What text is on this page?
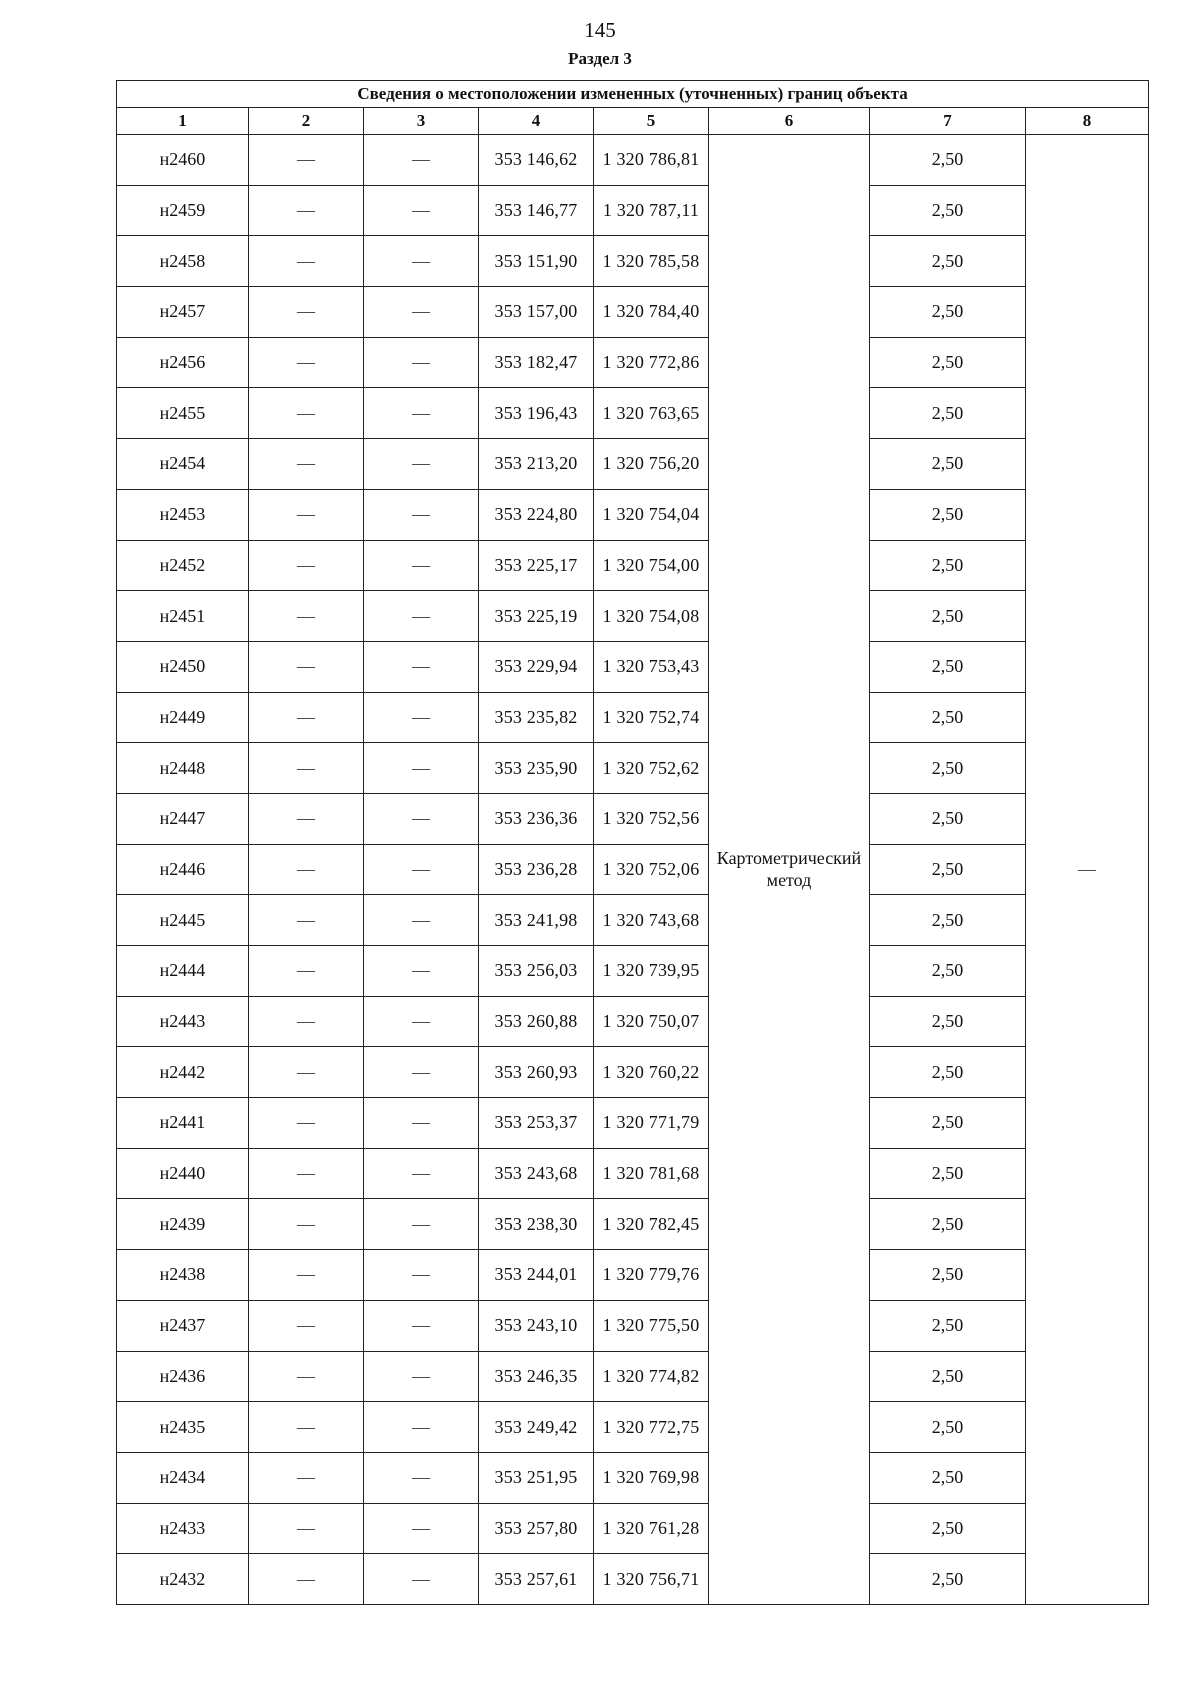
145
Раздел 3
Сведения о местоположении измененных (уточненных) границ объекта							
1	2	3	4	5	6	7	8
н2460	—	—	353 146,62	1 320 786,81	Картометрический метод	2,50	—
н2459	—	—	353 146,77	1 320 787,11		2,50	
н2458	—	—	353 151,90	1 320 785,58		2,50	
н2457	—	—	353 157,00	1 320 784,40		2,50	
н2456	—	—	353 182,47	1 320 772,86		2,50	
н2455	—	—	353 196,43	1 320 763,65		2,50	
н2454	—	—	353 213,20	1 320 756,20		2,50	
н2453	—	—	353 224,80	1 320 754,04		2,50	
н2452	—	—	353 225,17	1 320 754,00		2,50	
н2451	—	—	353 225,19	1 320 754,08		2,50	
н2450	—	—	353 229,94	1 320 753,43		2,50	
н2449	—	—	353 235,82	1 320 752,74		2,50	
н2448	—	—	353 235,90	1 320 752,62		2,50	
н2447	—	—	353 236,36	1 320 752,56		2,50	
н2446	—	—	353 236,28	1 320 752,06		2,50	
н2445	—	—	353 241,98	1 320 743,68		2,50	
н2444	—	—	353 256,03	1 320 739,95		2,50	
н2443	—	—	353 260,88	1 320 750,07		2,50	
н2442	—	—	353 260,93	1 320 760,22		2,50	
н2441	—	—	353 253,37	1 320 771,79		2,50	
н2440	—	—	353 243,68	1 320 781,68		2,50	
н2439	—	—	353 238,30	1 320 782,45		2,50	
н2438	—	—	353 244,01	1 320 779,76		2,50	
н2437	—	—	353 243,10	1 320 775,50		2,50	
н2436	—	—	353 246,35	1 320 774,82		2,50	
н2435	—	—	353 249,42	1 320 772,75		2,50	
н2434	—	—	353 251,95	1 320 769,98		2,50	
н2433	—	—	353 257,80	1 320 761,28		2,50	
н2432	—	—	353 257,61	1 320 756,71		2,50	
